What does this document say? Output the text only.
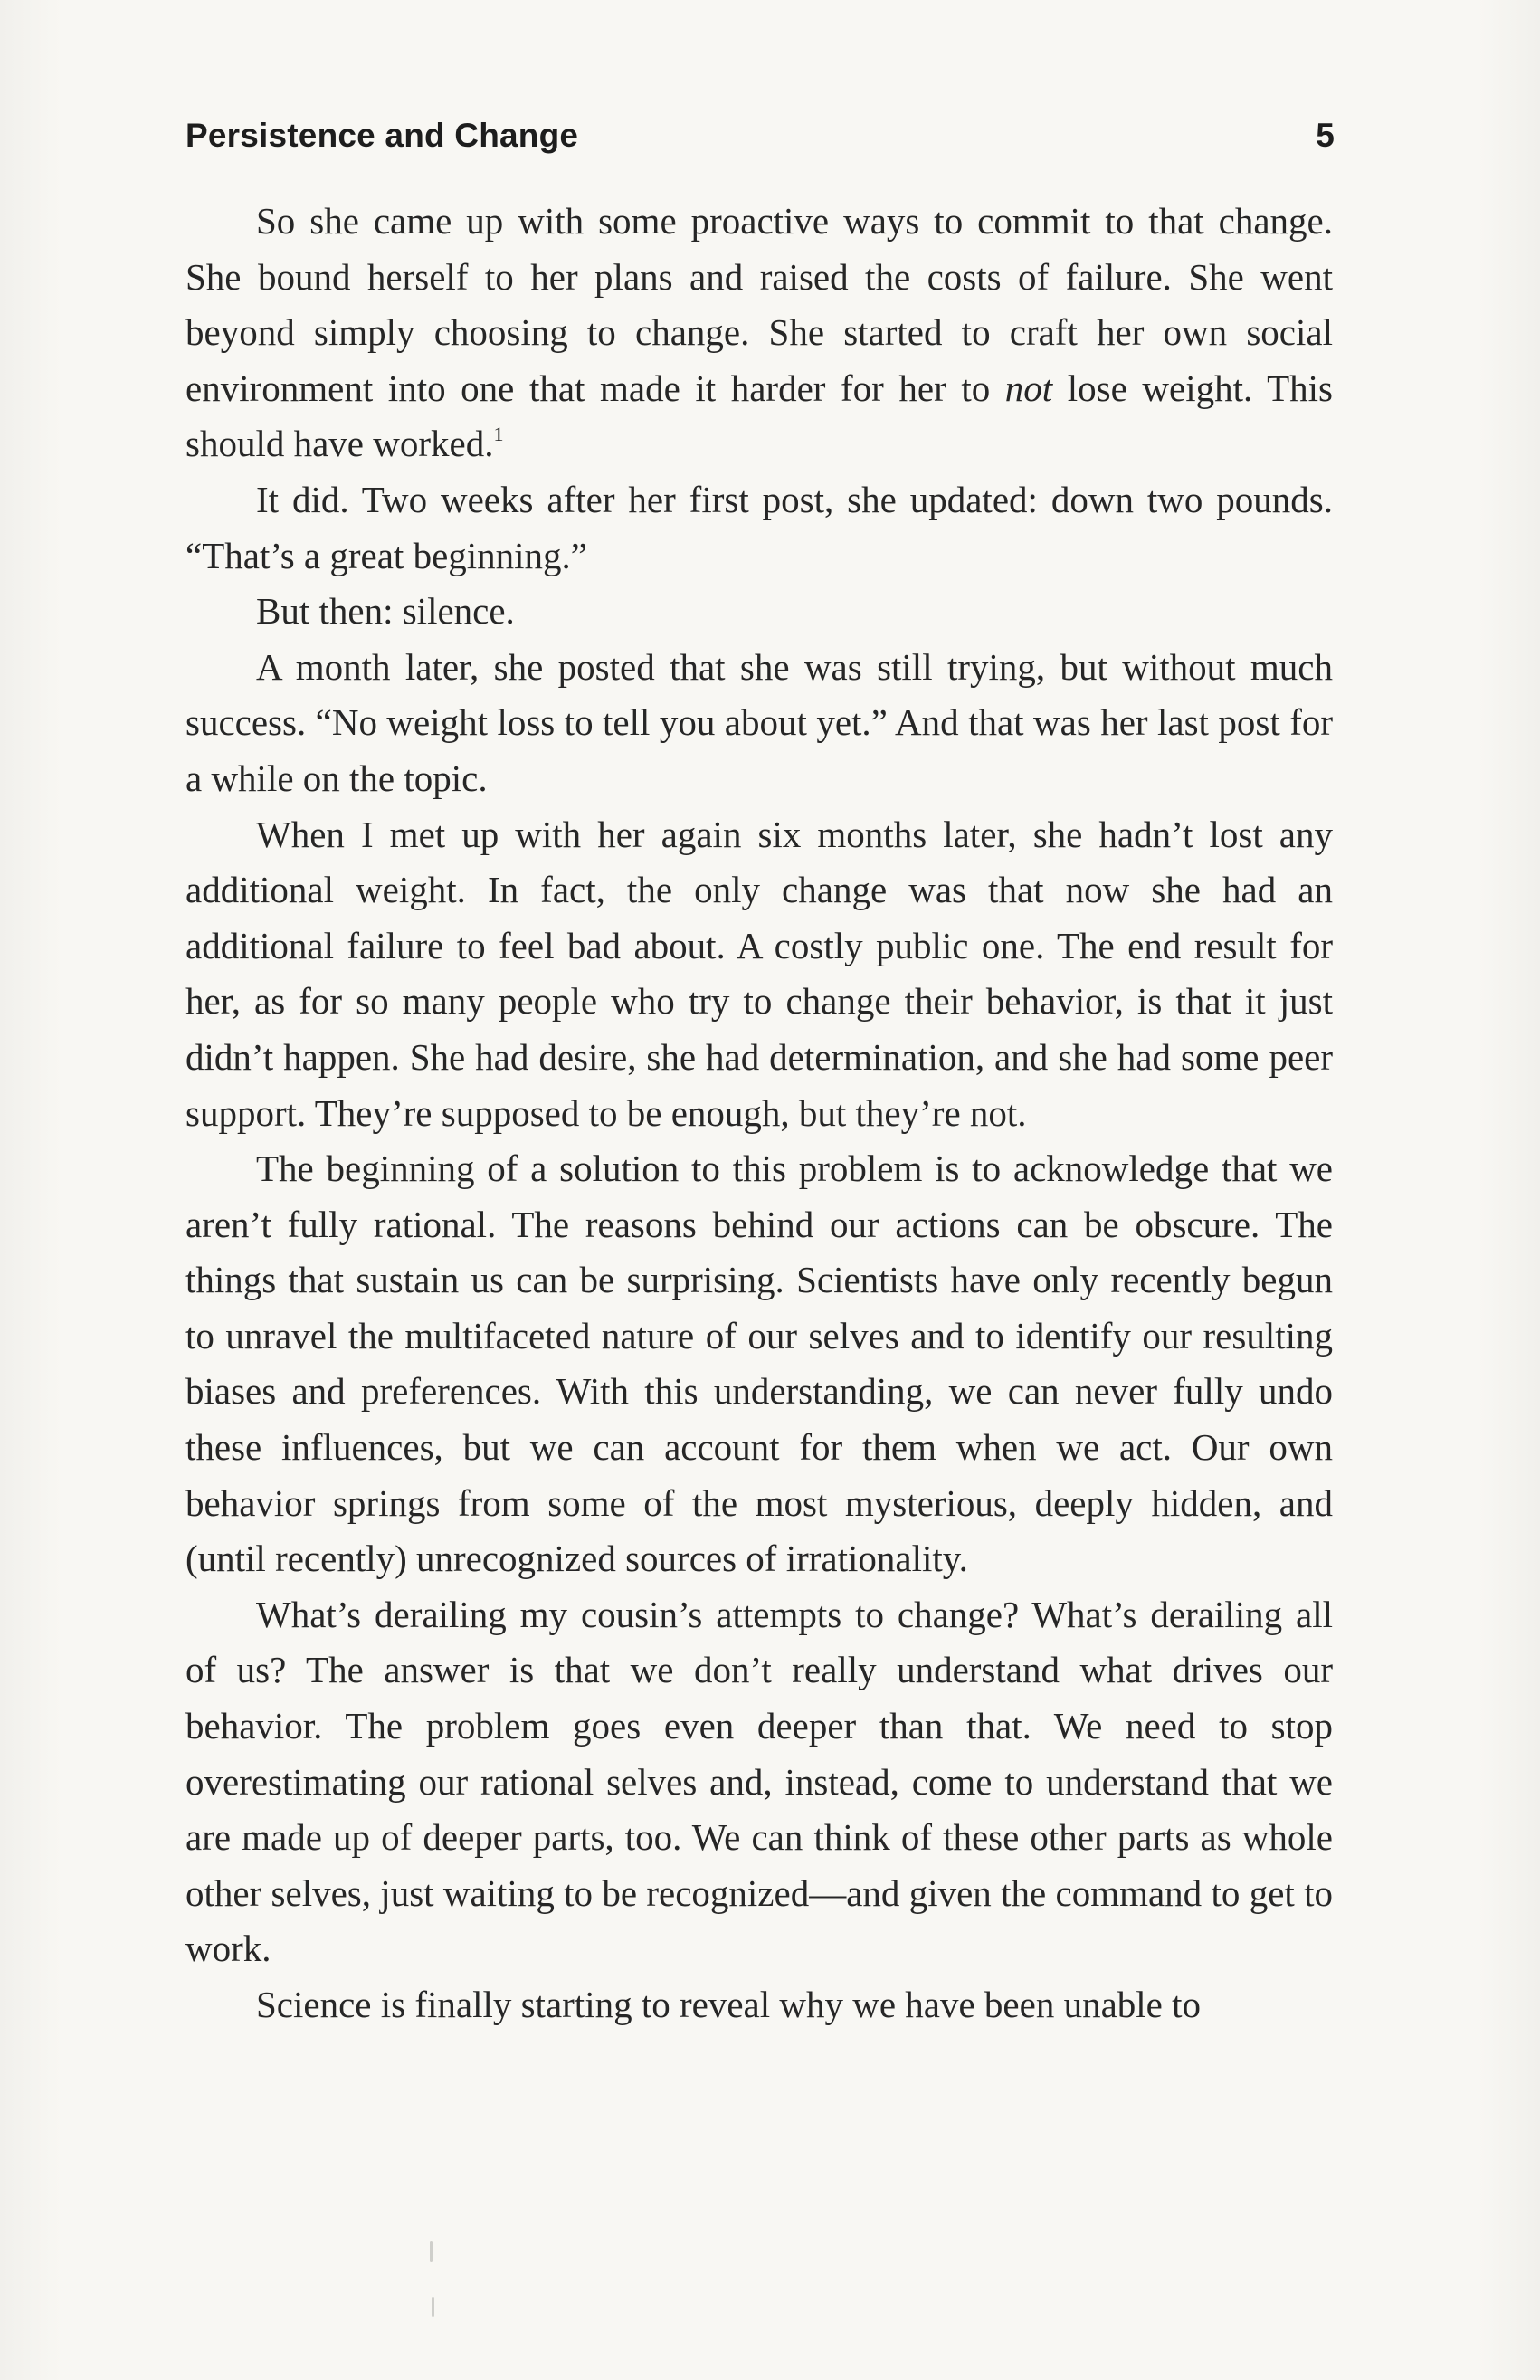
Persistence and Change	5

So she came up with some proactive ways to commit to that change. She bound herself to her plans and raised the costs of failure. She went beyond simply choosing to change. She started to craft her own social environment into one that made it harder for her to not lose weight. This should have worked.$^1$

It did. Two weeks after her first post, she updated: down two pounds. “That’s a great beginning.”

But then: silence.

A month later, she posted that she was still trying, but without much success. “No weight loss to tell you about yet.” And that was her last post for a while on the topic.

When I met up with her again six months later, she hadn’t lost any additional weight. In fact, the only change was that now she had an additional failure to feel bad about. A costly public one. The end result for her, as for so many people who try to change their behavior, is that it just didn’t happen. She had desire, she had determination, and she had some peer support. They’re supposed to be enough, but they’re not.

The beginning of a solution to this problem is to acknowledge that we aren’t fully rational. The reasons behind our actions can be obscure. The things that sustain us can be surprising. Scientists have only recently begun to unravel the multifaceted nature of our selves and to identify our resulting biases and preferences. With this understanding, we can never fully undo these influences, but we can account for them when we act. Our own behavior springs from some of the most mysterious, deeply hidden, and (until recently) unrecognized sources of irrationality.

What’s derailing my cousin’s attempts to change? What’s derailing all of us? The answer is that we don’t really understand what drives our behavior. The problem goes even deeper than that. We need to stop overestimating our rational selves and, instead, come to understand that we are made up of deeper parts, too. We can think of these other parts as whole other selves, just waiting to be recognized—and given the command to get to work.

Science is finally starting to reveal why we have been unable to
